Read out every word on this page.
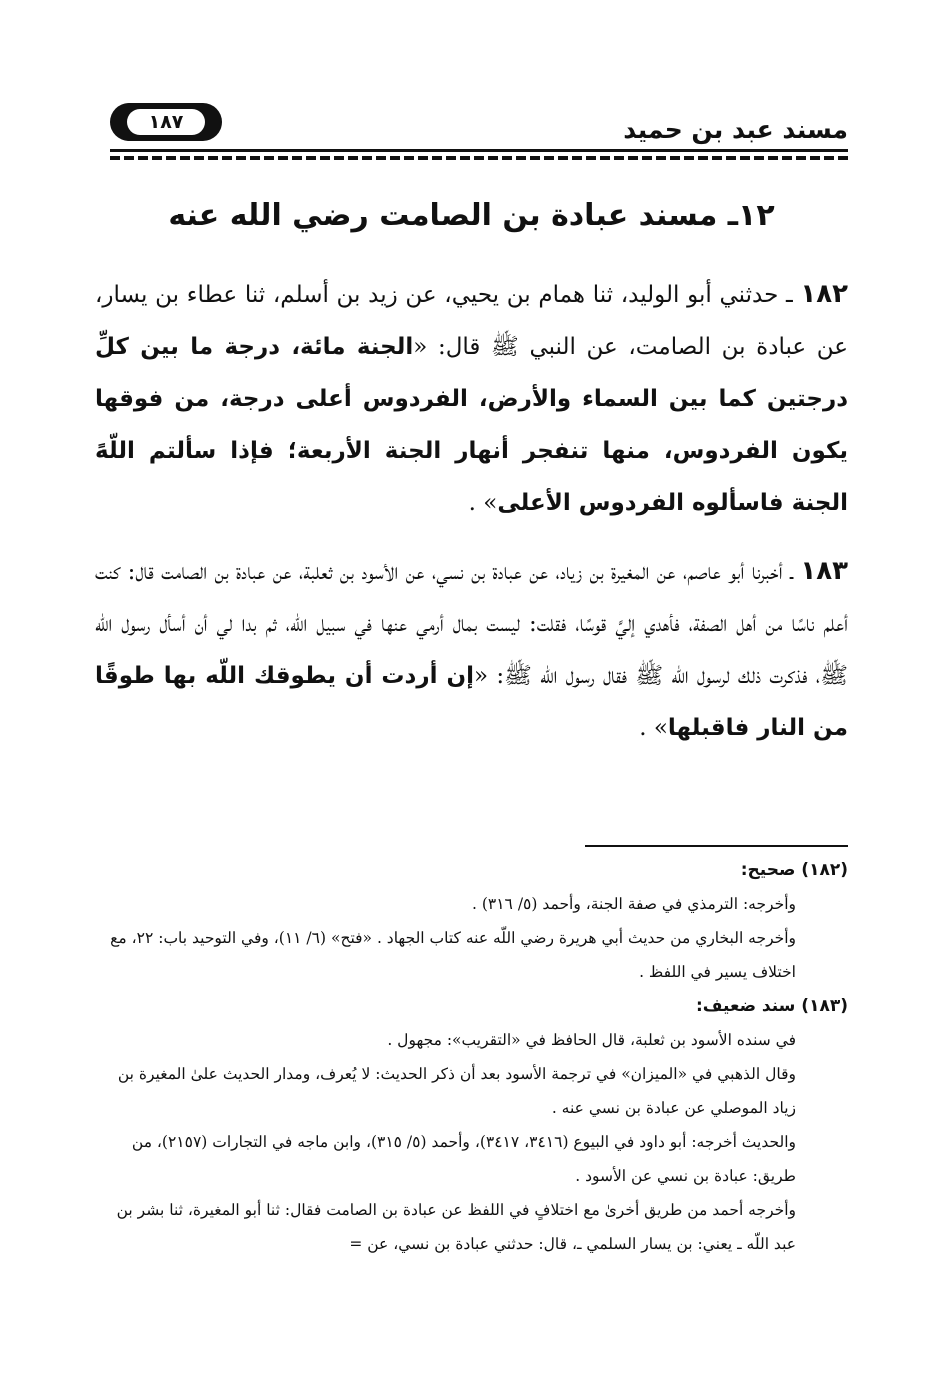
مسند عبد بن حميد
١٨٧
١٢ـ مسند عبادة بن الصامت رضي الله عنه

١٨٢ ـ حدثني أبو الوليد، ثنا همام بن يحيي، عن زيد بن أسلم، ثنا عطاء بن يسار، عن عبادة بن الصامت، عن النبي ﷺ قال: «الجنة مائة، درجة ما بين كلِّ درجتين كما بين السماء والأرض، الفردوس أعلى درجة، من فوقها يكون الفردوس، منها تنفجر أنهار الجنة الأربعة؛ فإذا سألتم اللّهً الجنة فاسألوه الفردوس الأعلى» .

١٨٣ ـ أخبرنا أبو عاصم، عن المغيرة بن زياد، عن عبادة بن نسي، عن الأسود بن ثعلبة، عن عبادة بن الصامت قال: كنت أعلم ناسًا من أهل الصفة، فأهدي إليَّ قوسًا، فقلت: ليست بمال أرمي عنها في سبيل اللّه، ثم بدا لي أن أسأل رسول اللّه ﷺ، فذكرت ذلك لرسول اللّه ﷺ فقال رسول اللّه ﷺ: «إن أردت أن يطوقك اللّه بها طوقًا من النار فاقبلها» .

(١٨٢) صحيح:
وأخرجه: الترمذي في صفة الجنة، وأحمد (٥/ ٣١٦) .
وأخرجه البخاري من حديث أبي هريرة رضي اللّه عنه كتاب الجهاد . «فتح» (٦/ ١١)، وفي التوحيد باب: ٢٢، مع اختلاف يسير في اللفظ .
(١٨٣) سند ضعيف:
في سنده الأسود بن ثعلبة، قال الحافظ في «التقريب»: مجهول .
وقال الذهبي في «الميزان» في ترجمة الأسود بعد أن ذكر الحديث: لا يُعرف، ومدار الحديث علىٰ المغيرة بن زياد الموصلي عن عبادة بن نسي عنه .
والحديث أخرجه: أبو داود في البيوع (٣٤١٦، ٣٤١٧)، وأحمد (٥/ ٣١٥)، وابن ماجه في التجارات (٢١٥٧)، من طريق: عبادة بن نسي عن الأسود .
وأخرجه أحمد من طريق أخرىٰ مع اختلافٍ في اللفظ عن عبادة بن الصامت فقال: ثنا أبو المغيرة، ثنا بشر بن عبد اللّه ـ يعني: بن يسار السلمي ـ، قال: حدثني عبادة بن نسي، عن =
